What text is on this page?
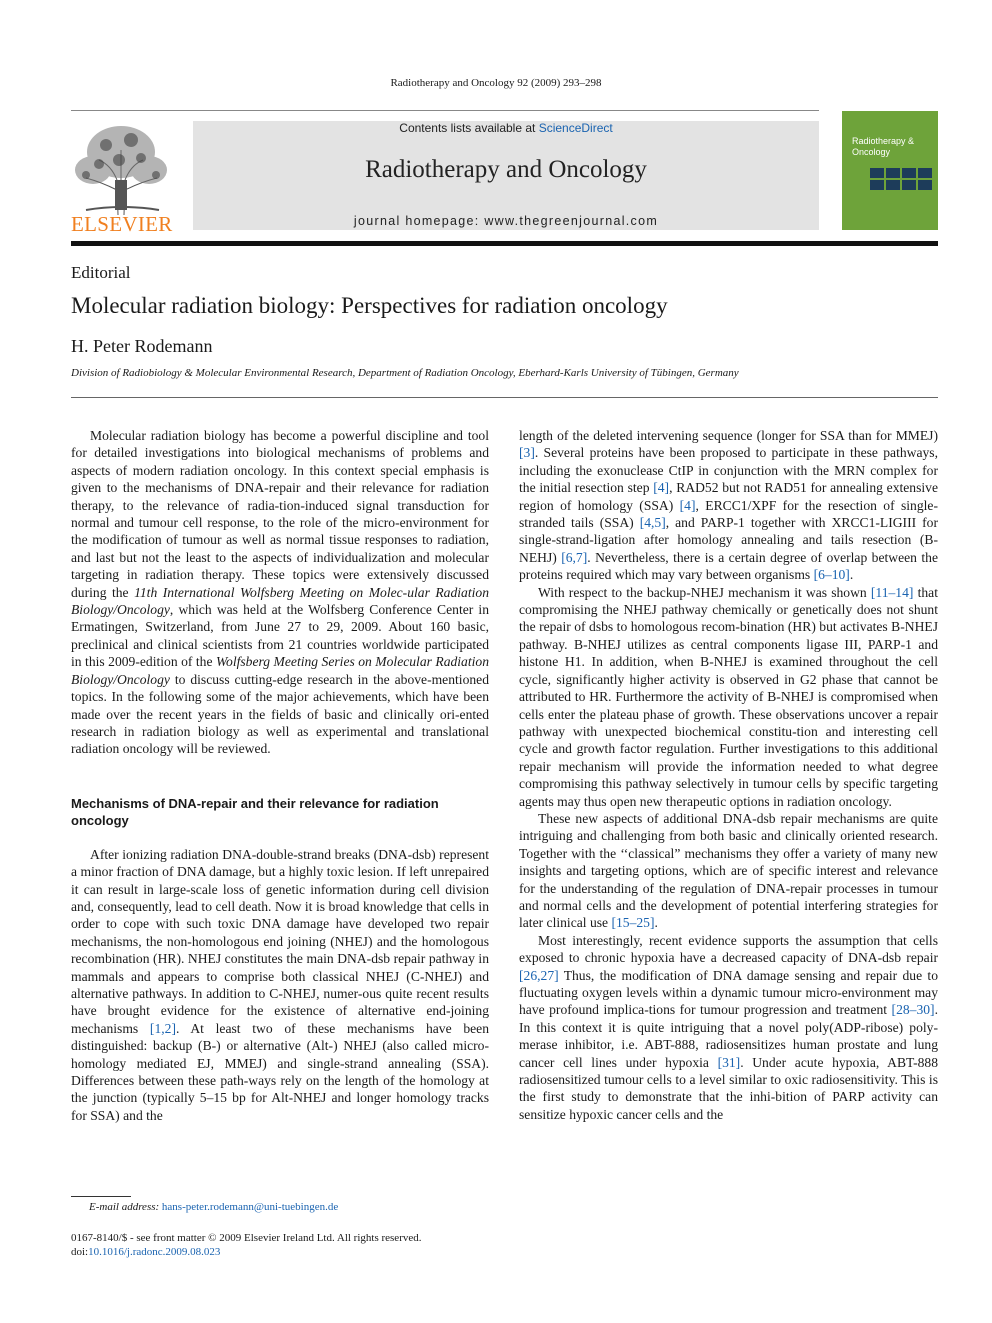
Radiotherapy and Oncology 92 (2009) 293–298
ELSEVIER
Contents lists available at ScienceDirect
Radiotherapy and Oncology
journal homepage: www.thegreenjournal.com
Radiotherapy & Oncology
Editorial
Molecular radiation biology: Perspectives for radiation oncology
H. Peter Rodemann
Division of Radiobiology & Molecular Environmental Research, Department of Radiation Oncology, Eberhard-Karls University of Tübingen, Germany

Molecular radiation biology has become a powerful discipline and tool for detailed investigations into biological mechanisms of problems and aspects of modern radiation oncology. In this context special emphasis is given to the mechanisms of DNA-repair and their relevance for radiation therapy, to the relevance of radia-tion-induced signal transduction for normal and tumour cell response, to the role of the micro-environment for the modification of tumour as well as normal tissue responses to radiation, and last but not the least to the aspects of individualization and molecular targeting in radiation therapy. These topics were extensively discussed during the 11th International Wolfsberg Meeting on Molec-ular Radiation Biology/Oncology, which was held at the Wolfsberg Conference Center in Ermatingen, Switzerland, from June 27 to 29, 2009. About 160 basic, preclinical and clinical scientists from 21 countries worldwide participated in this 2009-edition of the Wolfsberg Meeting Series on Molecular Radiation Biology/Oncology to discuss cutting-edge research in the above-mentioned topics. In the following some of the major achievements, which have been made over the recent years in the fields of basic and clinically ori-ented research in radiation biology as well as experimental and translational radiation oncology will be reviewed.

Mechanisms of DNA-repair and their relevance for radiation oncology

After ionizing radiation DNA-double-strand breaks (DNA-dsb) represent a minor fraction of DNA damage, but a highly toxic lesion. If left unrepaired it can result in large-scale loss of genetic information during cell division and, consequently, lead to cell death. Now it is broad knowledge that cells in order to cope with such toxic DNA damage have developed two repair mechanisms, the non-homologous end joining (NHEJ) and the homologous recombination (HR). NHEJ constitutes the main DNA-dsb repair pathway in mammals and appears to comprise both classical NHEJ (C-NHEJ) and alternative pathways. In addition to C-NHEJ, numer-ous quite recent results have brought evidence for the existence of alternative end-joining mechanisms [1,2]. At least two of these mechanisms have been distinguished: backup (B-) or alternative (Alt-) NHEJ (also called micro-homology mediated EJ, MMEJ) and single-strand annealing (SSA). Differences between these path-ways rely on the length of the homology at the junction (typically 5–15 bp for Alt-NHEJ and longer homology tracks for SSA) and the

length of the deleted intervening sequence (longer for SSA than for MMEJ) [3]. Several proteins have been proposed to participate in these pathways, including the exonuclease CtIP in conjunction with the MRN complex for the initial resection step [4], RAD52 but not RAD51 for annealing extensive region of homology (SSA) [4], ERCC1/XPF for the resection of single-stranded tails (SSA) [4,5], and PARP-1 together with XRCC1-LIGIII for single-strand-ligation after homology annealing and tails resection (B-NEHJ) [6,7]. Nevertheless, there is a certain degree of overlap between the proteins required which may vary between organisms [6–10].

With respect to the backup-NHEJ mechanism it was shown [11–14] that compromising the NHEJ pathway chemically or genetically does not shunt the repair of dsbs to homologous recom-bination (HR) but activates B-NHEJ pathway. B-NHEJ utilizes as central components ligase III, PARP-1 and histone H1. In addition, when B-NHEJ is examined throughout the cell cycle, significantly higher activity is observed in G2 phase that cannot be attributed to HR. Furthermore the activity of B-NHEJ is compromised when cells enter the plateau phase of growth. These observations uncover a repair pathway with unexpected biochemical constitu-tion and interesting cell cycle and growth factor regulation. Further investigations to this additional repair mechanism will provide the information needed to what degree compromising this pathway selectively in tumour cells by specific targeting agents may thus open new therapeutic options in radiation oncology.

These new aspects of additional DNA-dsb repair mechanisms are quite intriguing and challenging from both basic and clinically oriented research. Together with the ‘‘classical” mechanisms they offer a variety of many new insights and targeting options, which are of specific interest and relevance for the understanding of the regulation of DNA-repair processes in tumour and normal cells and the development of potential interfering strategies for later clinical use [15–25].

Most interestingly, recent evidence supports the assumption that cells exposed to chronic hypoxia have a decreased capacity of DNA-dsb repair [26,27] Thus, the modification of DNA damage sensing and repair due to fluctuating oxygen levels within a dynamic tumour micro-environment may have profound implica-tions for tumour progression and treatment [28–30]. In this context it is quite intriguing that a novel poly(ADP-ribose) poly-merase inhibitor, i.e. ABT-888, radiosensitizes human prostate and lung cancer cell lines under hypoxia [31]. Under acute hypoxia, ABT-888 radiosensitized tumour cells to a level similar to oxic radiosensitivity. This is the first study to demonstrate that the inhi-bition of PARP activity can sensitize hypoxic cancer cells and the

E-mail address: hans-peter.rodemann@uni-tuebingen.de
0167-8140/$ - see front matter © 2009 Elsevier Ireland Ltd. All rights reserved.
doi:10.1016/j.radonc.2009.08.023
